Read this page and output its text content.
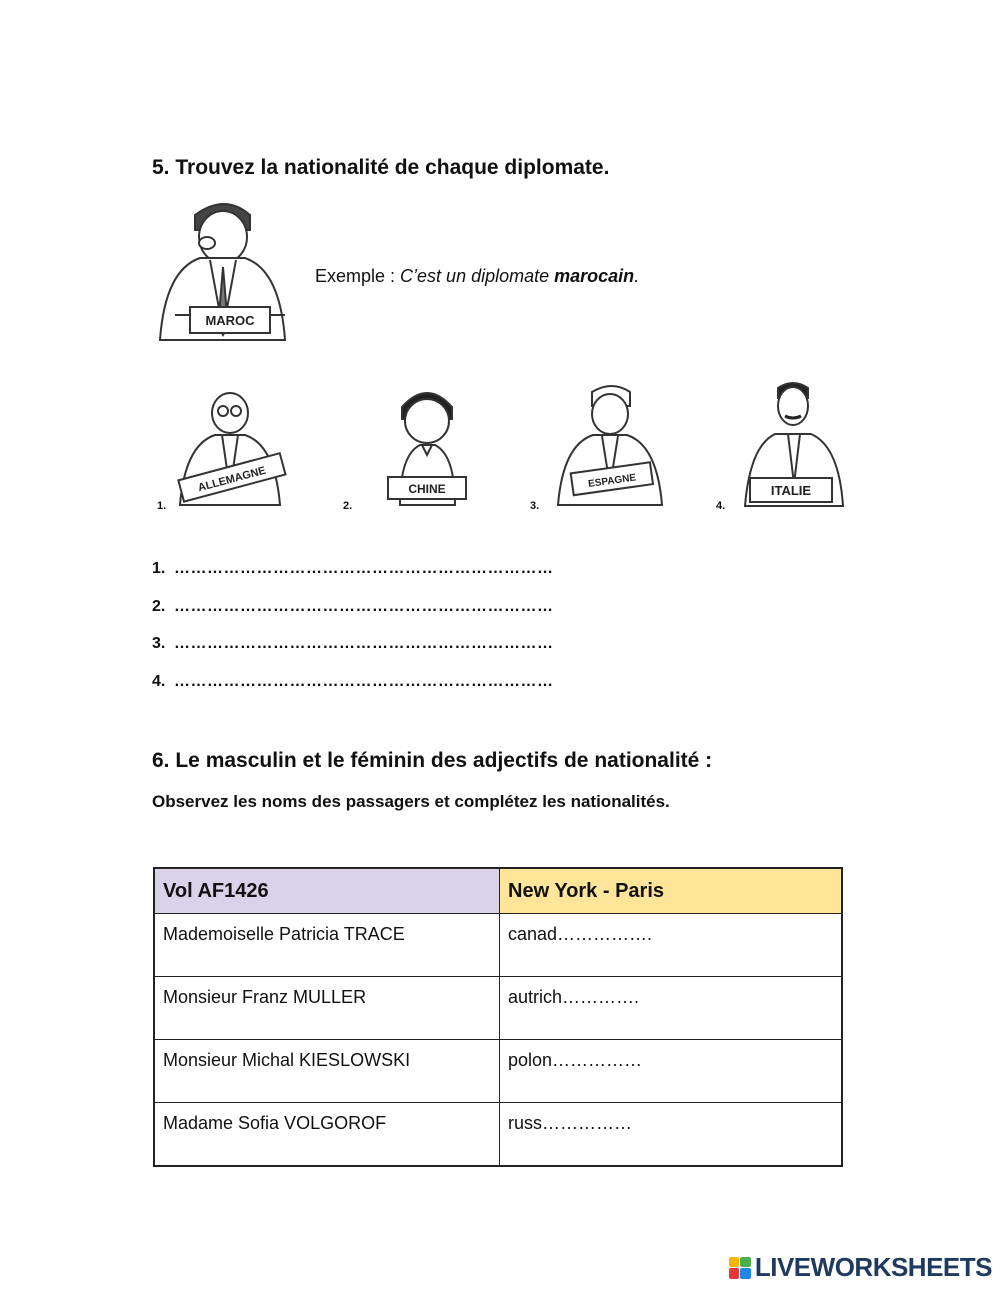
5. Trouvez la nationalité de chaque diplomate.
MAROC
Exemple : C’est un diplomate marocain.
ALLEMAGNE
1.
CHINE
2.
ESPAGNE
3.
ITALIE
4.
1. ……………………………………………………………
2. ……………………………………………………………
3. ……………………………………………………………
4. ……………………………………………………………
6. Le masculin et le féminin des adjectifs de nationalité :
Observez les noms des passagers et complétez les nationalités.
Vol AF1426	New York - Paris
Mademoiselle Patricia TRACE	canad…………….
Monsieur Franz MULLER	autrich………….
Monsieur Michal KIESLOWSKI	polon……………
Madame Sofia VOLGOROF	russ……………
LIVEWORKSHEETS
